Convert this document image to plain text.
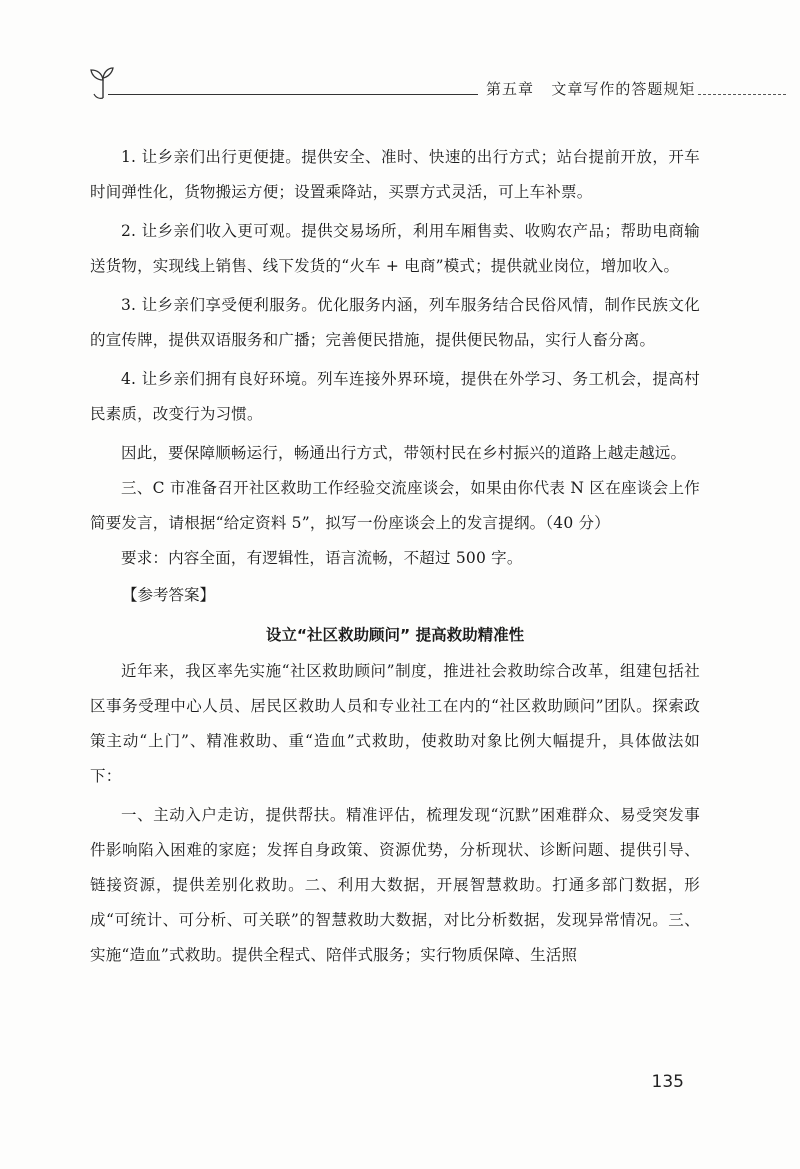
第五章 文章写作的答题规矩

1. 让乡亲们出行更便捷。提供安全、准时、快速的出行方式；站台提前开放，开车时间弹性化，货物搬运方便；设置乘降站，买票方式灵活，可上车补票。

2. 让乡亲们收入更可观。提供交易场所，利用车厢售卖、收购农产品；帮助电商输送货物，实现线上销售、线下发货的“火车 + 电商”模式；提供就业岗位，增加收入。

3. 让乡亲们享受便利服务。优化服务内涵，列车服务结合民俗风情，制作民族文化的宣传牌，提供双语服务和广播；完善便民措施，提供便民物品，实行人畜分离。

4. 让乡亲们拥有良好环境。列车连接外界环境，提供在外学习、务工机会，提高村民素质，改变行为习惯。

因此，要保障顺畅运行，畅通出行方式，带领村民在乡村振兴的道路上越走越远。

三、C 市准备召开社区救助工作经验交流座谈会，如果由你代表 N 区在座谈会上作简要发言，请根据“给定资料 5”，拟写一份座谈会上的发言提纲。（40 分）

要求：内容全面，有逻辑性，语言流畅，不超过 500 字。

【参考答案】

设立“社区救助顾问” 提高救助精准性

近年来，我区率先实施“社区救助顾问”制度，推进社会救助综合改革，组建包括社区事务受理中心人员、居民区救助人员和专业社工在内的“社区救助顾问”团队。探索政策主动“上门”、精准救助、重“造血”式救助，使救助对象比例大幅提升，具体做法如下：

一、主动入户走访，提供帮扶。精准评估，梳理发现“沉默”困难群众、易受突发事件影响陷入困难的家庭；发挥自身政策、资源优势，分析现状、诊断问题、提供引导、链接资源，提供差别化救助。二、利用大数据，开展智慧救助。打通多部门数据，形成“可统计、可分析、可关联”的智慧救助大数据，对比分析数据，发现异常情况。三、实施“造血”式救助。提供全程式、陪伴式服务；实行物质保障、生活照

135
